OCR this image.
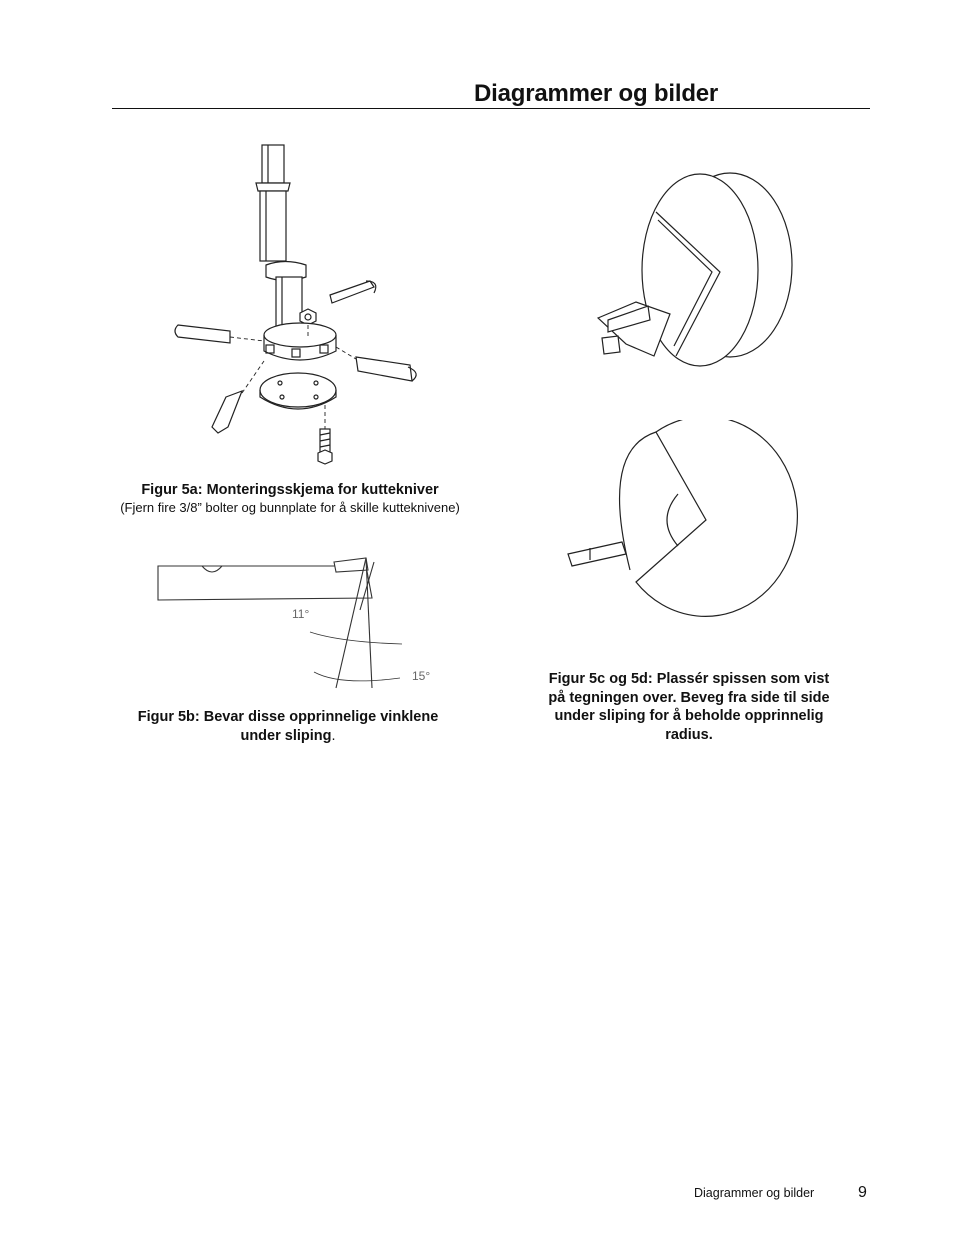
Diagrammer og bilder
Figur 5a: Monteringsskjema for kuttekniver
(Fjern fire 3/8” bolter og bunnplate for å skille kutteknivene)
11°
15°
Figur 5b: Bevar disse opprinnelige vinklene under sliping.
Figur 5c og 5d: Plassér spissen som vist på tegningen over. Beveg fra side til side under sliping for å beholde opprinnelig radius.
Diagrammer og bilder	9
